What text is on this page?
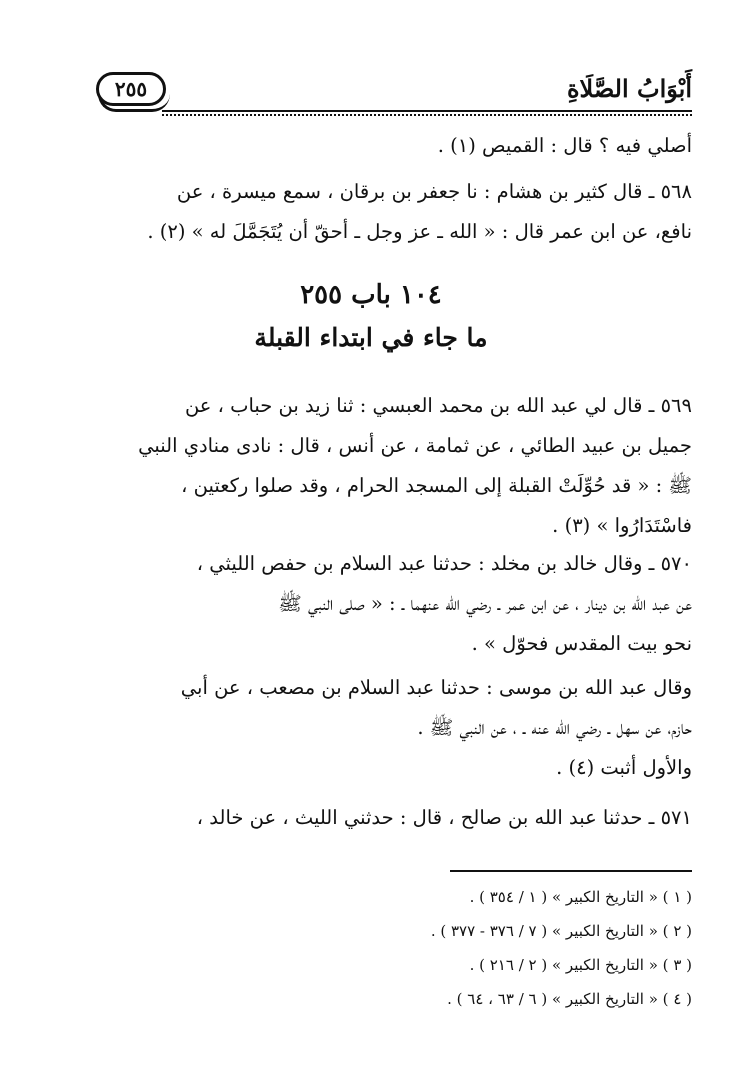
أَبْوَابُ الصَّلَاةِ
٢٥٥
أصلي فيه ؟ قال : القميص (١) .
٥٦٨ ـ قال كثير بن هشام : نا جعفر بن برقان ، سمع ميسرة ، عن
نافع، عن ابن عمر قال : « الله ـ عز وجل ـ أحقّ أن يُتَجَمَّلَ له » (٢) .
١٠٤ باب ٢٥٥
ما جاء في ابتداء القبلة
٥٦٩ ـ قال لي عبد الله بن محمد العبسي : ثنا زيد بن حباب ، عن
جميل بن عبيد الطائي ، عن ثمامة ، عن أنس ، قال : نادى منادي النبي
ﷺ : « قد حُوِّلَتْ القبلة إلى المسجد الحرام ، وقد صلوا ركعتين ،
فاسْتَدَارُوا » (٣) .
٥٧٠ ـ وقال خالد بن مخلد : حدثنا عبد السلام بن حفص الليثي ،
عن عبد الله بن دينار ، عن ابن عمر ـ رضي الله عنهما ـ : « صلى النبي ﷺ
نحو بيت المقدس فحوّل » .
وقال عبد الله بن موسى : حدثنا عبد السلام بن مصعب ، عن أبي
حازم، عن سهل ـ رضي الله عنه ـ ، عن النبي ﷺ .
والأول أثبت (٤) .
٥٧١ ـ حدثنا عبد الله بن صالح ، قال : حدثني الليث ، عن خالد ،
( ١ ) « التاريخ الكبير » ( ١ / ٣٥٤ ) .
( ٢ ) « التاريخ الكبير » ( ٧ / ٣٧٦ - ٣٧٧ ) .
( ٣ ) « التاريخ الكبير » ( ٢ / ٢١٦ ) .
( ٤ ) « التاريخ الكبير » ( ٦ / ٦٣ ، ٦٤ ) .
